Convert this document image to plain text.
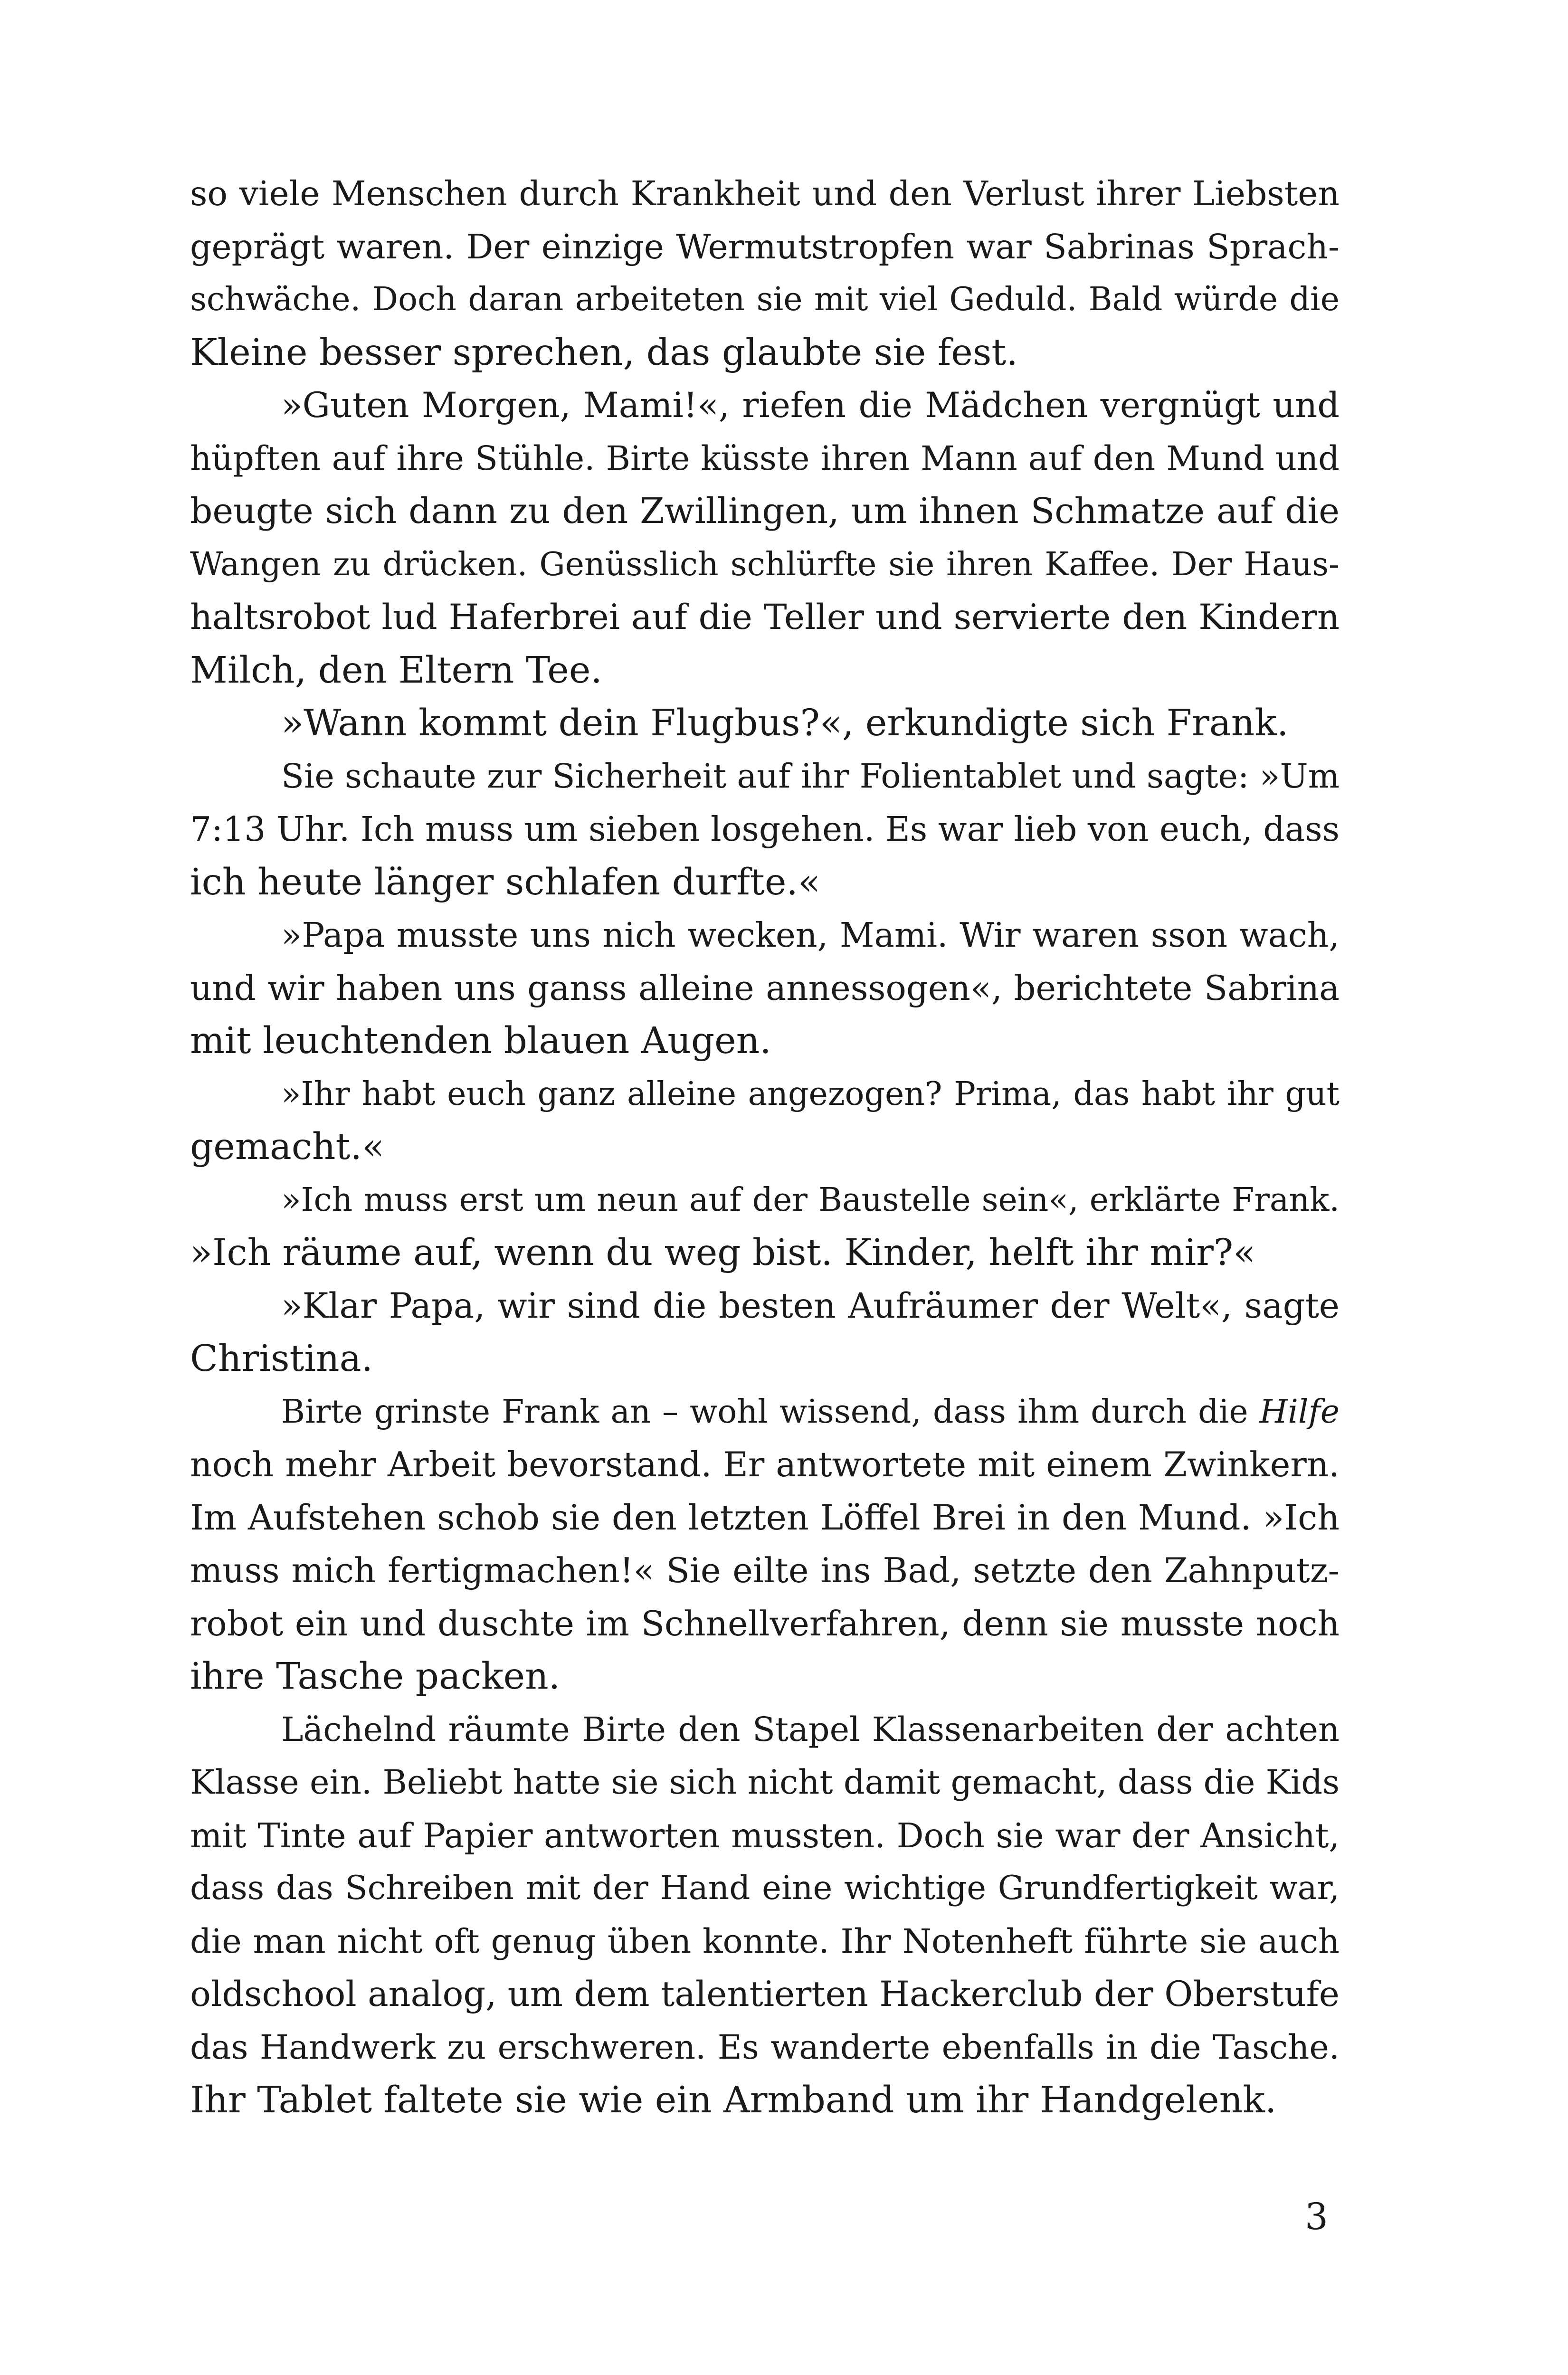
so viele Menschen durch Krankheit und den Verlust ihrer Liebsten
geprägt waren. Der einzige Wermutstropfen war Sabrinas Sprach-
schwäche. Doch daran arbeiteten sie mit viel Geduld. Bald würde die
Kleine besser sprechen, das glaubte sie fest.
»Guten Morgen, Mami!«, riefen die Mädchen vergnügt und
hüpften auf ihre Stühle. Birte küsste ihren Mann auf den Mund und
beugte sich dann zu den Zwillingen, um ihnen Schmatze auf die
Wangen zu drücken. Genüsslich schlürfte sie ihren Kaffee. Der Haus-
haltsrobot lud Haferbrei auf die Teller und servierte den Kindern
Milch, den Eltern Tee.
»Wann kommt dein Flugbus?«, erkundigte sich Frank.
Sie schaute zur Sicherheit auf ihr Folientablet und sagte: »Um
7:13 Uhr. Ich muss um sieben losgehen. Es war lieb von euch, dass
ich heute länger schlafen durfte.«
»Papa musste uns nich wecken, Mami. Wir waren sson wach,
und wir haben uns ganss alleine annessogen«, berichtete Sabrina
mit leuchtenden blauen Augen.
»Ihr habt euch ganz alleine angezogen? Prima, das habt ihr gut
gemacht.«
»Ich muss erst um neun auf der Baustelle sein«, erklärte Frank.
»Ich räume auf, wenn du weg bist. Kinder, helft ihr mir?«
»Klar Papa, wir sind die besten Aufräumer der Welt«, sagte
Christina.
Birte grinste Frank an – wohl wissend, dass ihm durch die Hilfe
noch mehr Arbeit bevorstand. Er antwortete mit einem Zwinkern.
Im Aufstehen schob sie den letzten Löffel Brei in den Mund. »Ich
muss mich fertigmachen!« Sie eilte ins Bad, setzte den Zahnputz-
robot ein und duschte im Schnellverfahren, denn sie musste noch
ihre Tasche packen.
Lächelnd räumte Birte den Stapel Klassenarbeiten der achten
Klasse ein. Beliebt hatte sie sich nicht damit gemacht, dass die Kids
mit Tinte auf Papier antworten mussten. Doch sie war der Ansicht,
dass das Schreiben mit der Hand eine wichtige Grundfertigkeit war,
die man nicht oft genug üben konnte. Ihr Notenheft führte sie auch
oldschool analog, um dem talentierten Hackerclub der Oberstufe
das Handwerk zu erschweren. Es wanderte ebenfalls in die Tasche.
Ihr Tablet faltete sie wie ein Armband um ihr Handgelenk.
3
